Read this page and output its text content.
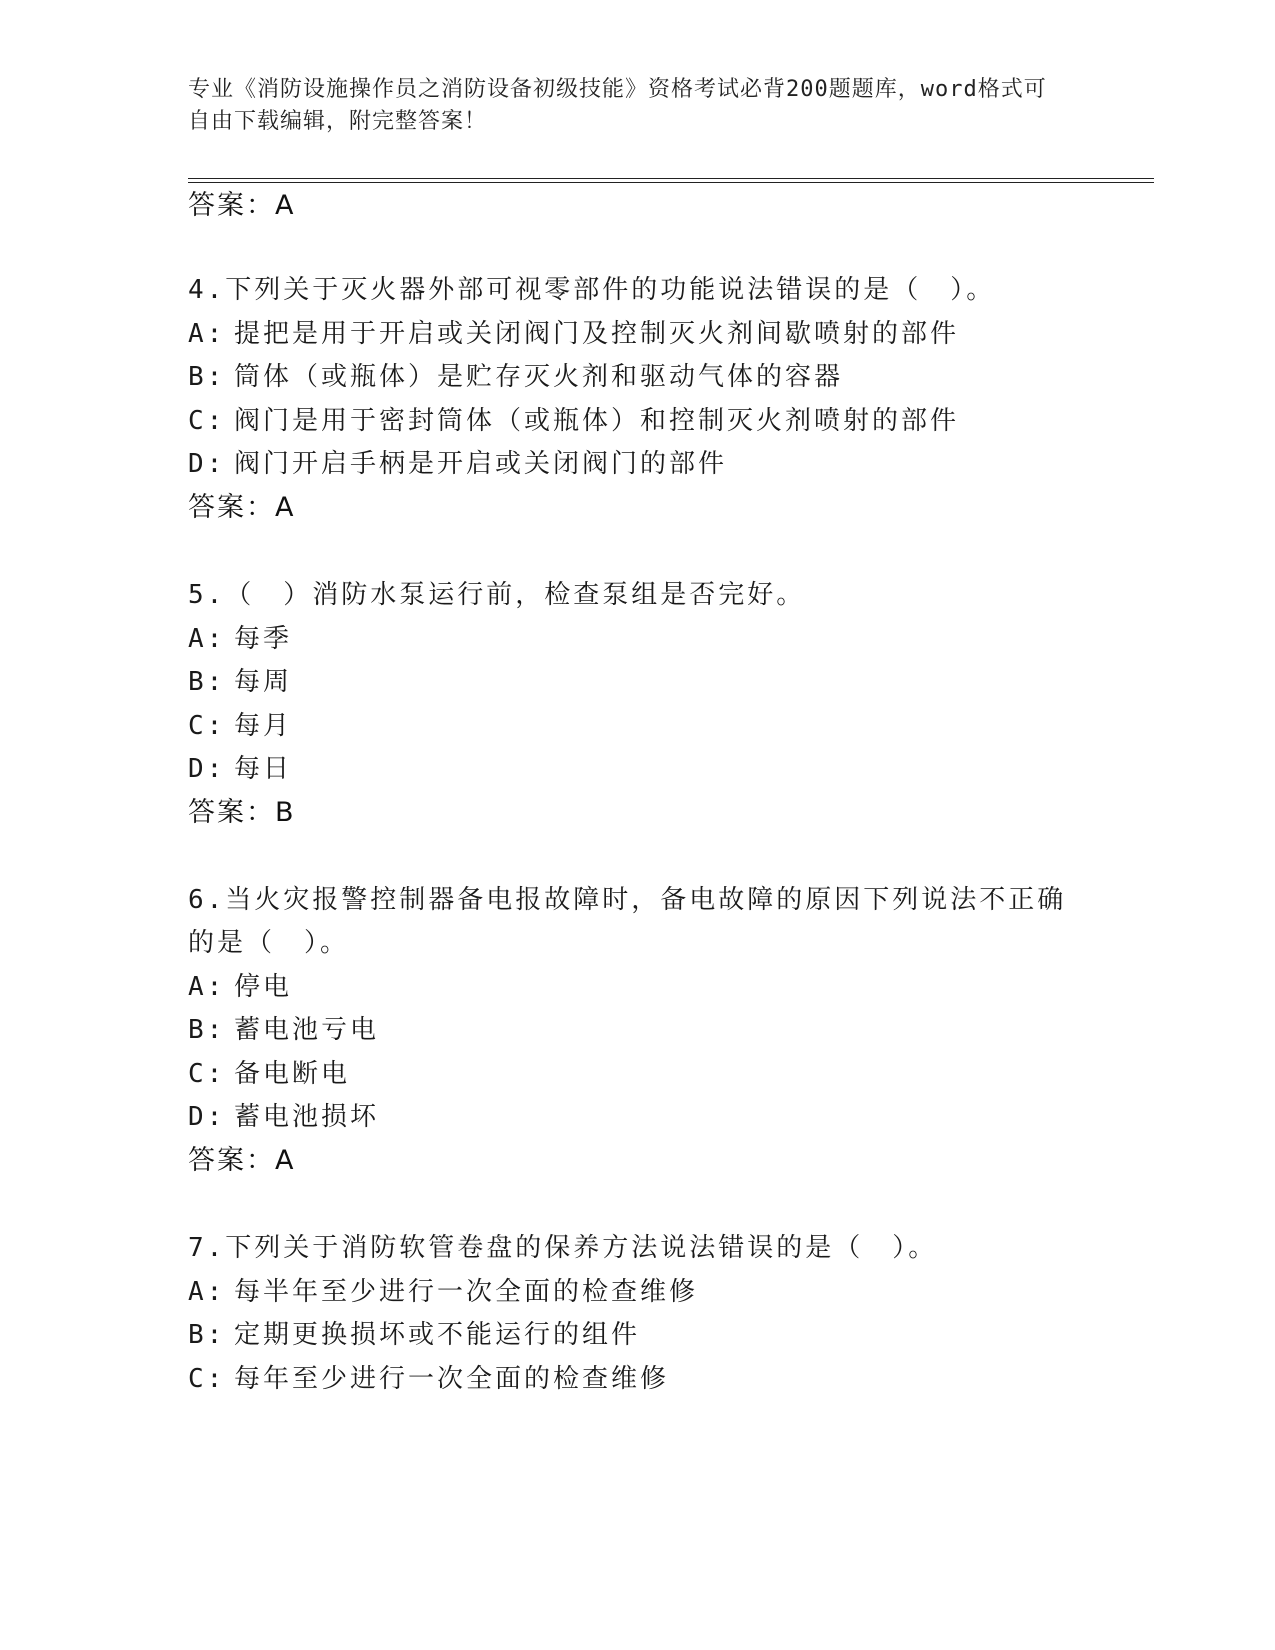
专业《消防设施操作员之消防设备初级技能》资格考试必背200题题库，word格式可自由下载编辑，附完整答案！
答案：A
4.下列关于灭火器外部可视零部件的功能说法错误的是（　）。
A: 提把是用于开启或关闭阀门及控制灭火剂间歇喷射的部件
B: 筒体（或瓶体）是贮存灭火剂和驱动气体的容器
C: 阀门是用于密封筒体（或瓶体）和控制灭火剂喷射的部件
D: 阀门开启手柄是开启或关闭阀门的部件
答案：A
5.（　）消防水泵运行前，检查泵组是否完好。
A: 每季
B: 每周
C: 每月
D: 每日
答案：B
6.当火灾报警控制器备电报故障时，备电故障的原因下列说法不正确
的是（　）。
A: 停电
B: 蓄电池亏电
C: 备电断电
D: 蓄电池损坏
答案：A
7.下列关于消防软管卷盘的保养方法说法错误的是（　）。
A: 每半年至少进行一次全面的检查维修
B: 定期更换损坏或不能运行的组件
C: 每年至少进行一次全面的检查维修
